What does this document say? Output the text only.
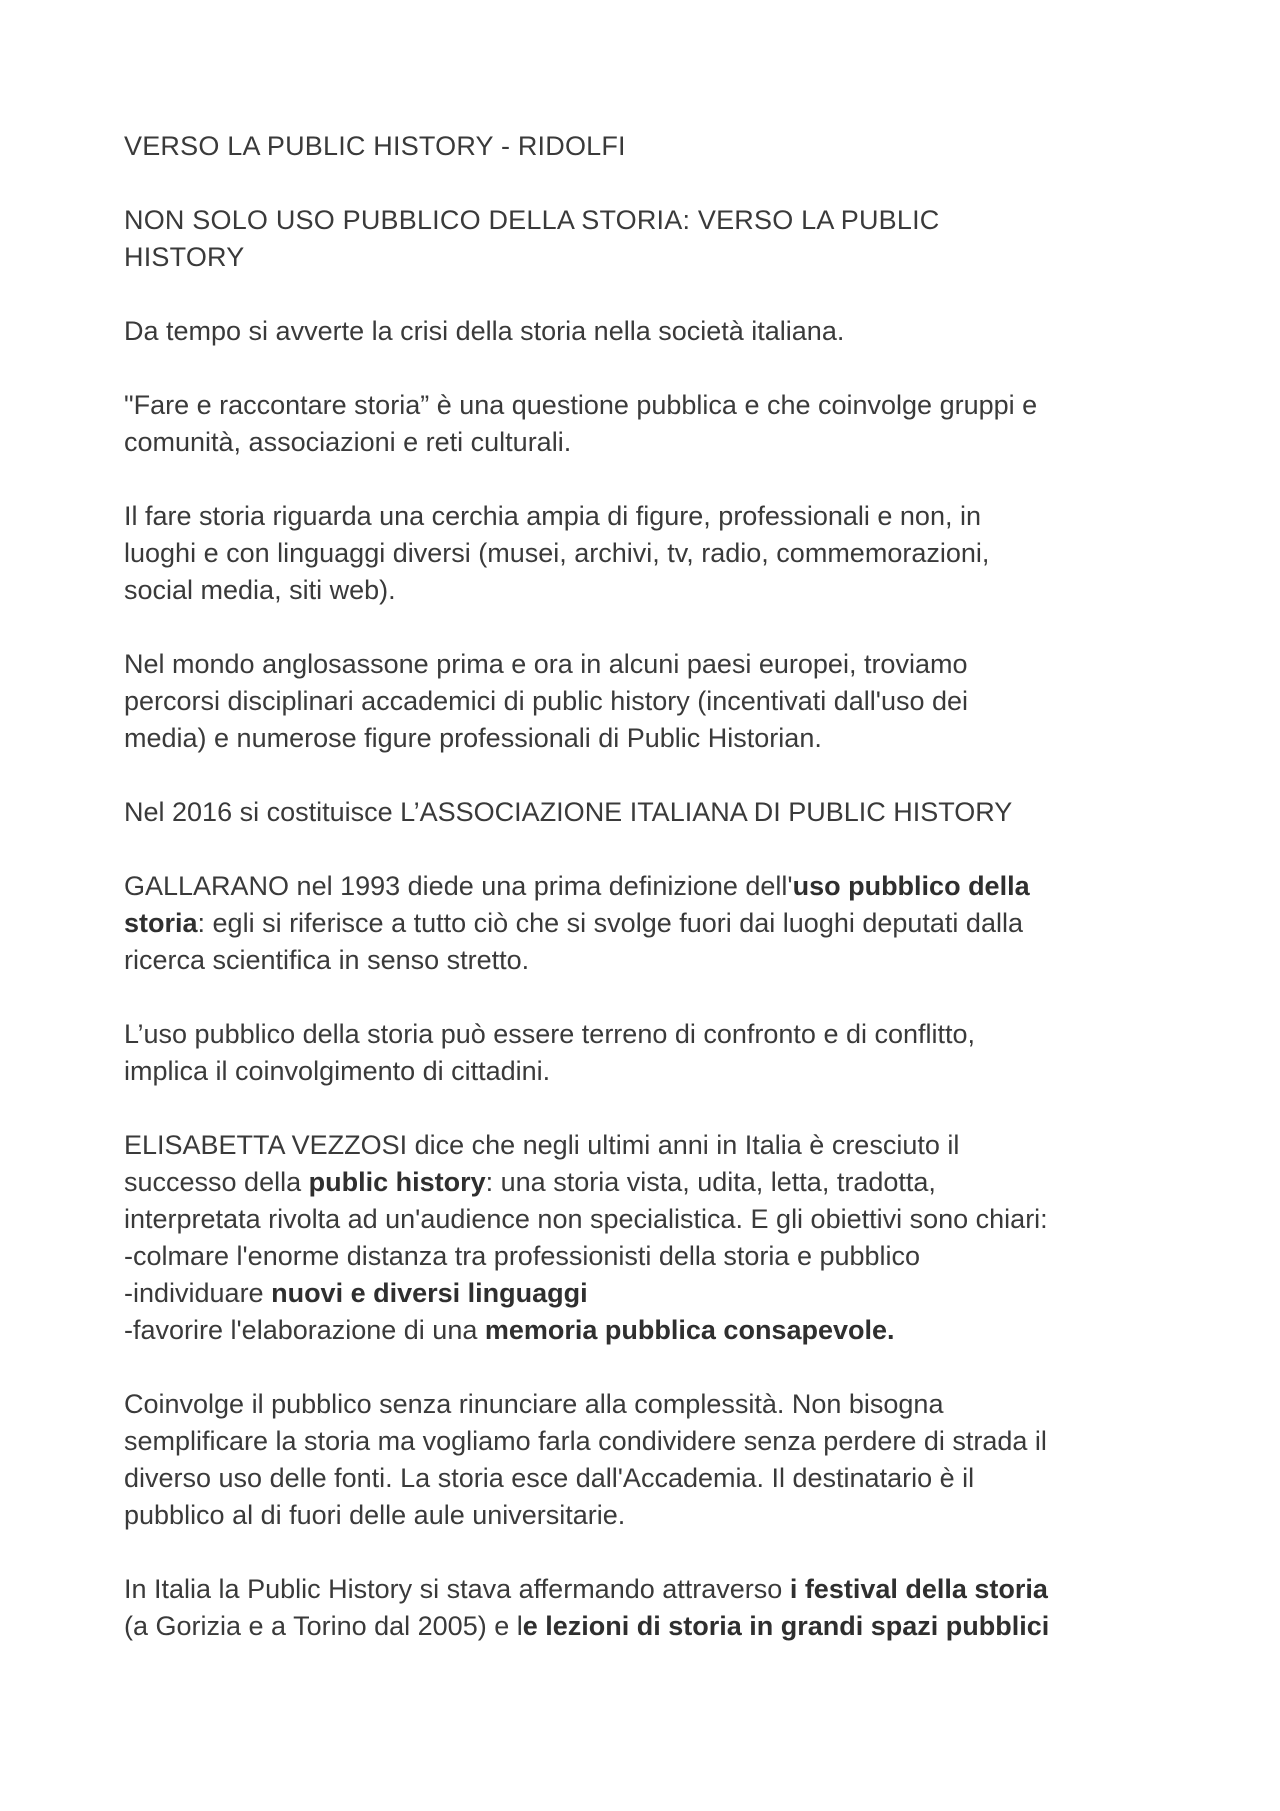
VERSO LA PUBLIC HISTORY - RIDOLFI
NON SOLO USO PUBBLICO DELLA STORIA: VERSO LA PUBLIC
HISTORY
Da tempo si avverte la crisi della storia nella società italiana.
"Fare e raccontare storia” è una questione pubblica e che coinvolge gruppi e
comunità, associazioni e reti culturali.
Il fare storia riguarda una cerchia ampia di figure, professionali e non, in
luoghi e con linguaggi diversi (musei, archivi, tv, radio, commemorazioni,
social media, siti web).
Nel mondo anglosassone prima e ora in alcuni paesi europei, troviamo
percorsi disciplinari accademici di public history (incentivati dall'uso dei
media) e numerose figure professionali di Public Historian.
Nel 2016 si costituisce L’ASSOCIAZIONE ITALIANA DI PUBLIC HISTORY
GALLARANO nel 1993 diede una prima definizione dell'uso pubblico della
storia: egli si riferisce a tutto ciò che si svolge fuori dai luoghi deputati dalla
ricerca scientifica in senso stretto.
L’uso pubblico della storia può essere terreno di confronto e di conflitto,
implica il coinvolgimento di cittadini.
ELISABETTA VEZZOSI dice che negli ultimi anni in Italia è cresciuto il
successo della public history: una storia vista, udita, letta, tradotta,
interpretata rivolta ad un'audience non specialistica. E gli obiettivi sono chiari:
-colmare l'enorme distanza tra professionisti della storia e pubblico
-individuare nuovi e diversi linguaggi
-favorire l'elaborazione di una memoria pubblica consapevole.
Coinvolge il pubblico senza rinunciare alla complessità. Non bisogna
semplificare la storia ma vogliamo farla condividere senza perdere di strada il
diverso uso delle fonti. La storia esce dall'Accademia. Il destinatario è il
pubblico al di fuori delle aule universitarie.
In Italia la Public History si stava affermando attraverso i festival della storia
(a Gorizia e a Torino dal 2005) e le lezioni di storia in grandi spazi pubblici
